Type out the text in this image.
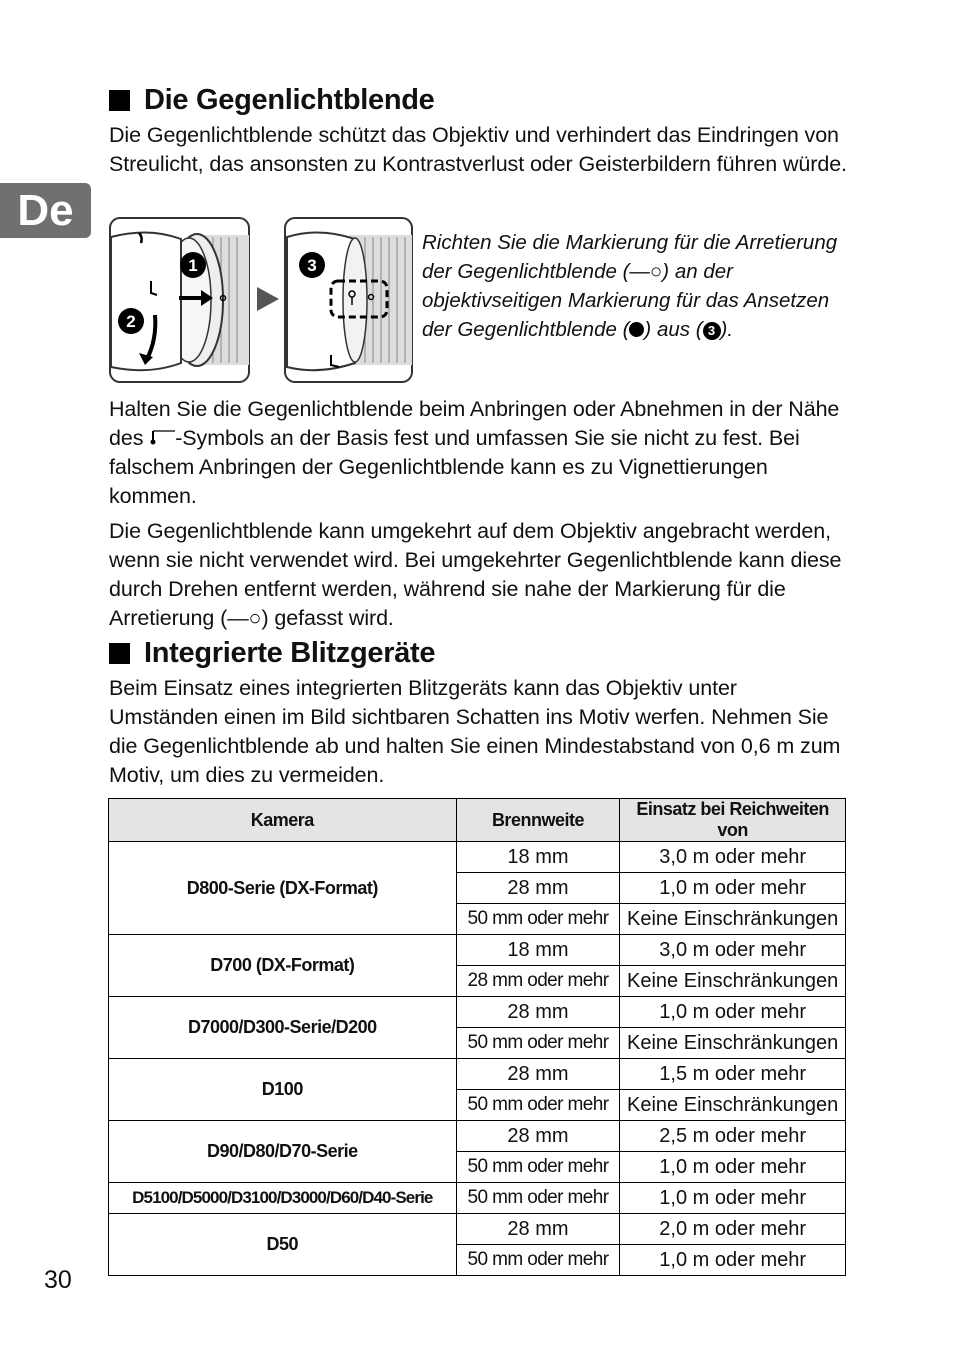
De
Die Gegenlichtblende

Die Gegenlichtblende schützt das Objektiv und verhindert das Eindringen von Streulicht, das ansonsten zu Kontrastverlust oder Geisterbildern führen würde.

1
2
3

Richten Sie die Markierung für die Arretierung der Gegenlichtblende (—○) an der objektivseitigen Markierung für das Ansetzen der Gegenlichtblende ( ) aus ( 3 ).

Halten Sie die Gegenlichtblende beim Anbringen oder Abnehmen in der Nähe des -Symbols an der Basis fest und umfassen Sie sie nicht zu fest. Bei falschem Anbringen der Gegenlichtblende kann es zu Vignettierungen kommen.

Die Gegenlichtblende kann umgekehrt auf dem Objektiv angebracht werden, wenn sie nicht verwendet wird. Bei umgekehrter Gegenlichtblende kann diese durch Drehen entfernt werden, während sie nahe der Markierung für die Arretierung (—○) gefasst wird.

Integrierte Blitzgeräte

Beim Einsatz eines integrierten Blitzgeräts kann das Objektiv unter Umständen einen im Bild sichtbaren Schatten ins Motiv werfen. Nehmen Sie die Gegenlichtblende ab und halten Sie einen Mindestabstand von 0,6 m zum Motiv, um dies zu vermeiden.

Kamera	Brennweite	Einsatz bei Reichweiten von
D800-Serie (DX-Format)	18 mm	3,0 m oder mehr
	28 mm	1,0 m oder mehr
	50 mm oder mehr	Keine Einschränkungen
D700 (DX-Format)	18 mm	3,0 m oder mehr
	28 mm oder mehr	Keine Einschränkungen
D7000/D300-Serie/D200	28 mm	1,0 m oder mehr
	50 mm oder mehr	Keine Einschränkungen
D100	28 mm	1,5 m oder mehr
	50 mm oder mehr	Keine Einschränkungen
D90/D80/D70-Serie	28 mm	2,5 m oder mehr
	50 mm oder mehr	1,0 m oder mehr
D5100/D5000/D3100/D3000/D60/D40-Serie	50 mm oder mehr	1,0 m oder mehr
D50	28 mm	2,0 m oder mehr
	50 mm oder mehr	1,0 m oder mehr
30
